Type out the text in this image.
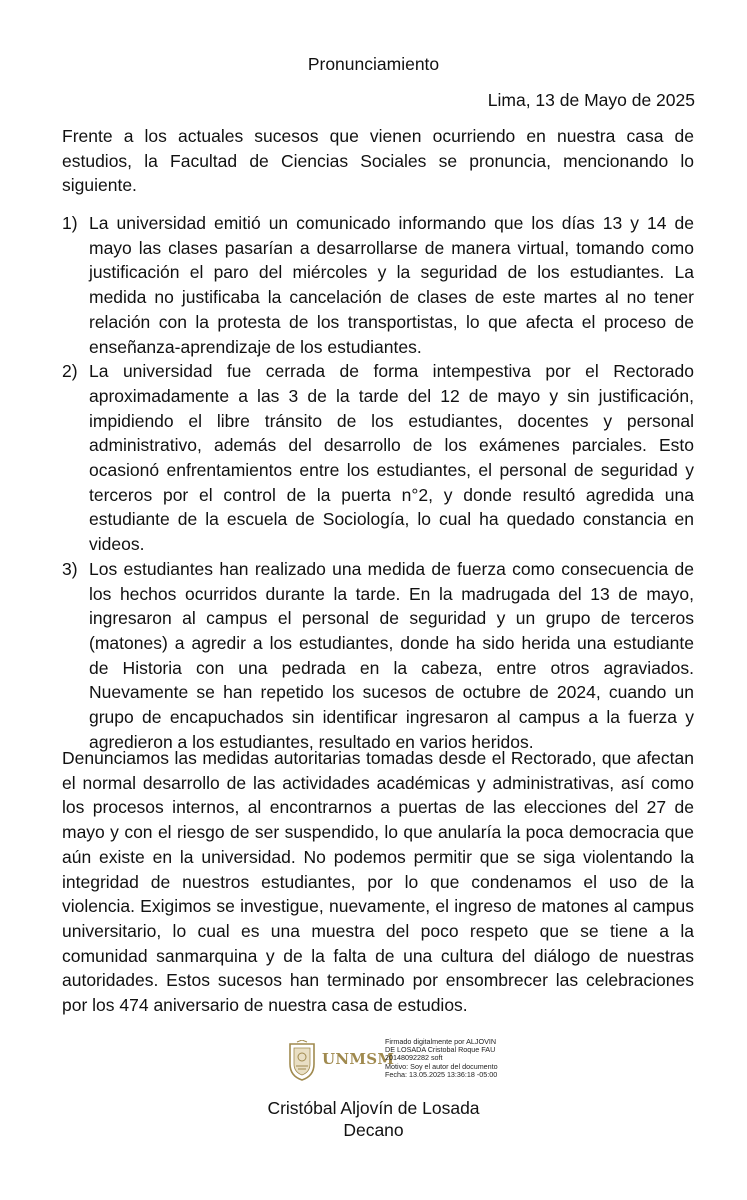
Pronunciamiento
Lima, 13 de Mayo de 2025

Frente a los actuales sucesos que vienen ocurriendo en nuestra casa de estudios, la Facultad de Ciencias Sociales se pronuncia, mencionando lo siguiente.

1) La universidad emitió un comunicado informando que los días 13 y 14 de mayo las clases pasarían a desarrollarse de manera virtual, tomando como justificación el paro del miércoles y la seguridad de los estudiantes. La medida no justificaba la cancelación de clases de este martes al no tener relación con la protesta de los transportistas, lo que afecta el proceso de enseñanza-aprendizaje de los estudiantes.
2) La universidad fue cerrada de forma intempestiva por el Rectorado aproximadamente a las 3 de la tarde del 12 de mayo y sin justificación, impidiendo el libre tránsito de los estudiantes, docentes y personal administrativo, además del desarrollo de los exámenes parciales. Esto ocasionó enfrentamientos entre los estudiantes, el personal de seguridad y terceros por el control de la puerta n°2, y donde resultó agredida una estudiante de la escuela de Sociología, lo cual ha quedado constancia en videos.
3) Los estudiantes han realizado una medida de fuerza como consecuencia de los hechos ocurridos durante la tarde. En la madrugada del 13 de mayo, ingresaron al campus el personal de seguridad y un grupo de terceros (matones) a agredir a los estudiantes, donde ha sido herida una estudiante de Historia con una pedrada en la cabeza, entre otros agraviados. Nuevamente se han repetido los sucesos de octubre de 2024, cuando un grupo de encapuchados sin identificar ingresaron al campus a la fuerza y agredieron a los estudiantes, resultado en varios heridos.

Denunciamos las medidas autoritarias tomadas desde el Rectorado, que afectan el normal desarrollo de las actividades académicas y administrativas, así como los procesos internos, al encontrarnos a puertas de las elecciones del 27 de mayo y con el riesgo de ser suspendido, lo que anularía la poca democracia que aún existe en la universidad. No podemos permitir que se siga violentando la integridad de nuestros estudiantes, por lo que condenamos el uso de la violencia. Exigimos se investigue, nuevamente, el ingreso de matones al campus universitario, lo cual es una muestra del poco respeto que se tiene a la comunidad sanmarquina y de la falta de una cultura del diálogo de nuestras autoridades. Estos sucesos han terminado por ensombrecer las celebraciones por los 474 aniversario de nuestra casa de estudios.

UNMSM
Firmado digitalmente por ALJOVIN
DE LOSADA Cristobal Roque FAU
20148092282 soft
Motivo: Soy el autor del documento
Fecha: 13.05.2025 13:36:18 -05:00
Cristóbal Aljovín de Losada
Decano
